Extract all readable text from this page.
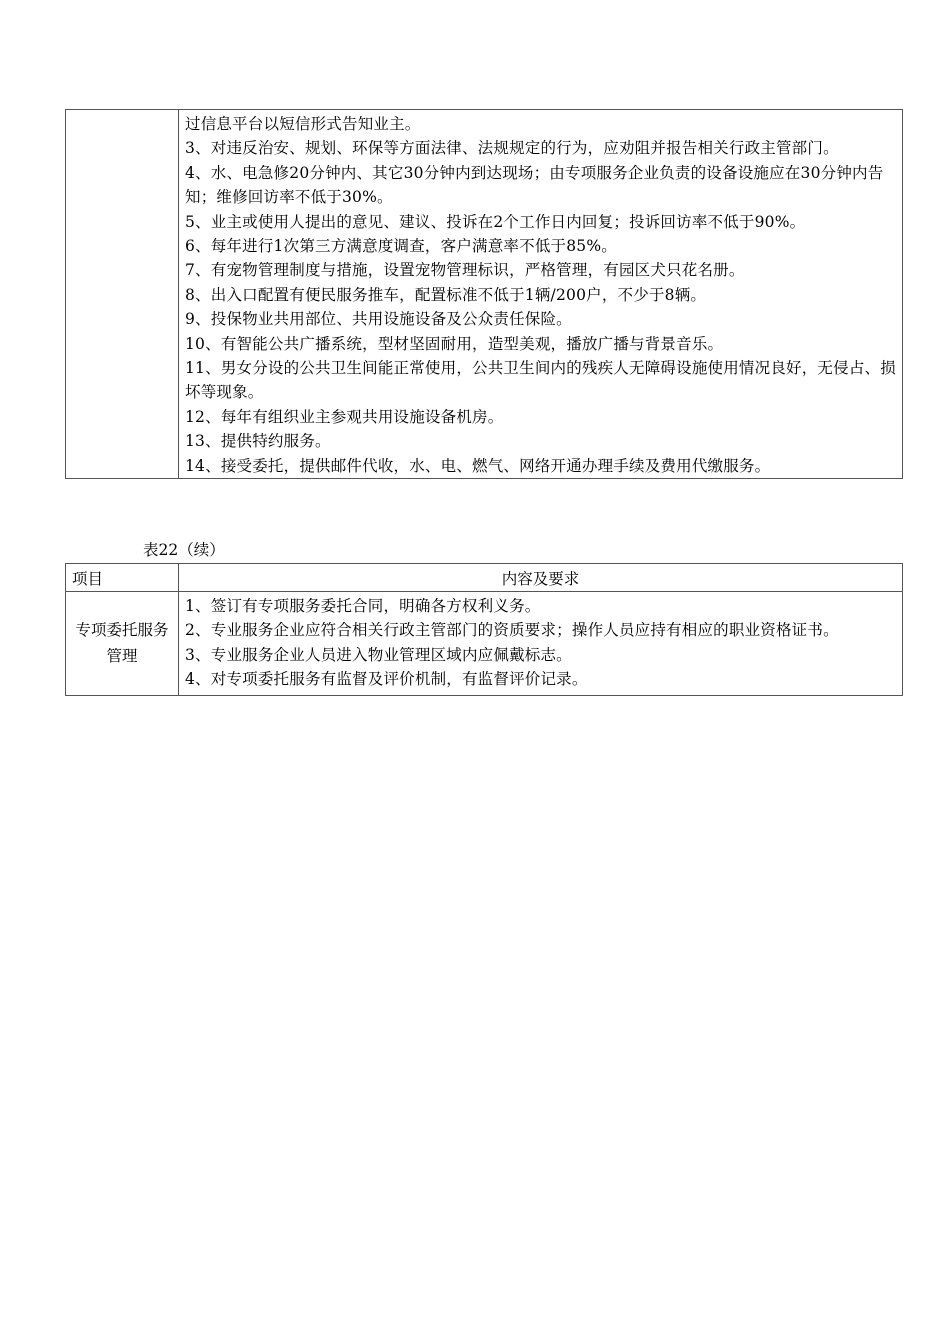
过信息平台以短信形式告知业主。
3、对违反治安、规划、环保等方面法律、法规规定的行为，应劝阻并报告相关行政主管部门。
4、水、电急修20分钟内、其它30分钟内到达现场；由专项服务企业负责的设备设施应在30分钟内告知；维修回访率不低于30%。
5、业主或使用人提出的意见、建议、投诉在2个工作日内回复；投诉回访率不低于90%。
6、每年进行1次第三方满意度调查，客户满意率不低于85%。
7、有宠物管理制度与措施，设置宠物管理标识，严格管理，有园区犬只花名册。
8、出入口配置有便民服务推车，配置标准不低于1辆/200户，不少于8辆。
9、投保物业共用部位、共用设施设备及公众责任保险。
10、有智能公共广播系统，型材坚固耐用，造型美观，播放广播与背景音乐。
11、男女分设的公共卫生间能正常使用，公共卫生间内的残疾人无障碍设施使用情况良好，无侵占、损坏等现象。
12、每年有组织业主参观共用设施设备机房。
13、提供特约服务。
14、接受委托，提供邮件代收，水、电、燃气、网络开通办理手续及费用代缴服务。
表22（续）
项目	内容及要求
专项委托服务管理	1、签订有专项服务委托合同，明确各方权利义务。
2、专业服务企业应符合相关行政主管部门的资质要求；操作人员应持有相应的职业资格证书。
3、专业服务企业人员进入物业管理区域内应佩戴标志。
4、对专项委托服务有监督及评价机制，有监督评价记录。
